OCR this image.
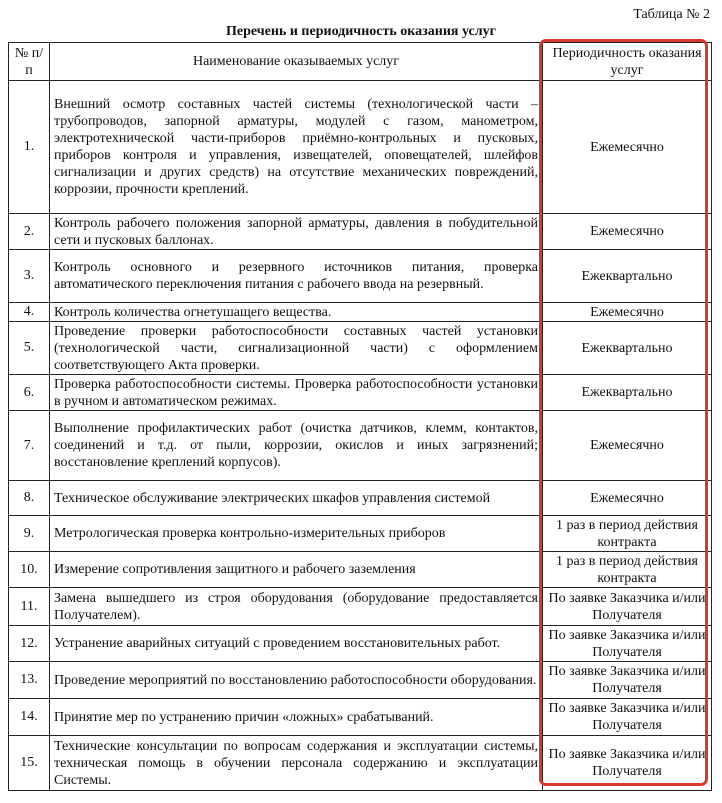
Таблица № 2
Перечень и периодичность оказания услуг
№ п/п	Наименование оказываемых услуг	Периодичность оказания услуг
1.	Внешний осмотр составных частей системы (технологической части –трубопроводов, запорной арматуры, модулей с газом, манометром, электротехнической части-приборов приёмно-контрольных и пусковых, приборов контроля и управления, извещателей, оповещателей, шлейфов сигнализации и других средств) на отсутствие механических повреждений, коррозии, прочности креплений.	Ежемесячно
2.	Контроль рабочего положения запорной арматуры, давления в побудительной сети и пусковых баллонах.	Ежемесячно
3.	Контроль основного и резервного источников питания, проверка автоматического переключения питания с рабочего ввода на резервный.	Ежеквартально
4.	Контроль количества огнетушащего вещества.	Ежемесячно
5.	Проведение проверки работоспособности составных частей установки (технологической части, сигнализационной части) с оформлением соответствующего Акта проверки.	Ежеквартально
6.	Проверка работоспособности системы. Проверка работоспособности установки в ручном и автоматическом режимах.	Ежеквартально
7.	Выполнение профилактических работ (очистка датчиков, клемм, контактов, соединений и т.д. от пыли, коррозии, окислов и иных загрязнений; восстановление креплений корпусов).	Ежемесячно
8.	Техническое обслуживание электрических шкафов управления системой	Ежемесячно
9.	Метрологическая проверка контрольно-измерительных приборов	1 раз в период действия контракта
10.	Измерение сопротивления защитного и рабочего заземления	1 раз в период действия контракта
11.	Замена вышедшего из строя оборудования (оборудование предоставляется Получателем).	По заявке Заказчика и/или Получателя
12.	Устранение аварийных ситуаций с проведением восстановительных работ.	По заявке Заказчика и/или Получателя
13.	Проведение мероприятий по восстановлению работоспособности оборудования.	По заявке Заказчика и/или Получателя
14.	Принятие мер по устранению причин «ложных» срабатываний.	По заявке Заказчика и/или Получателя
15.	Технические консультации по вопросам содержания и эксплуатации системы, техническая помощь в обучении персонала содержанию и эксплуатации Системы.	По заявке Заказчика и/или Получателя
